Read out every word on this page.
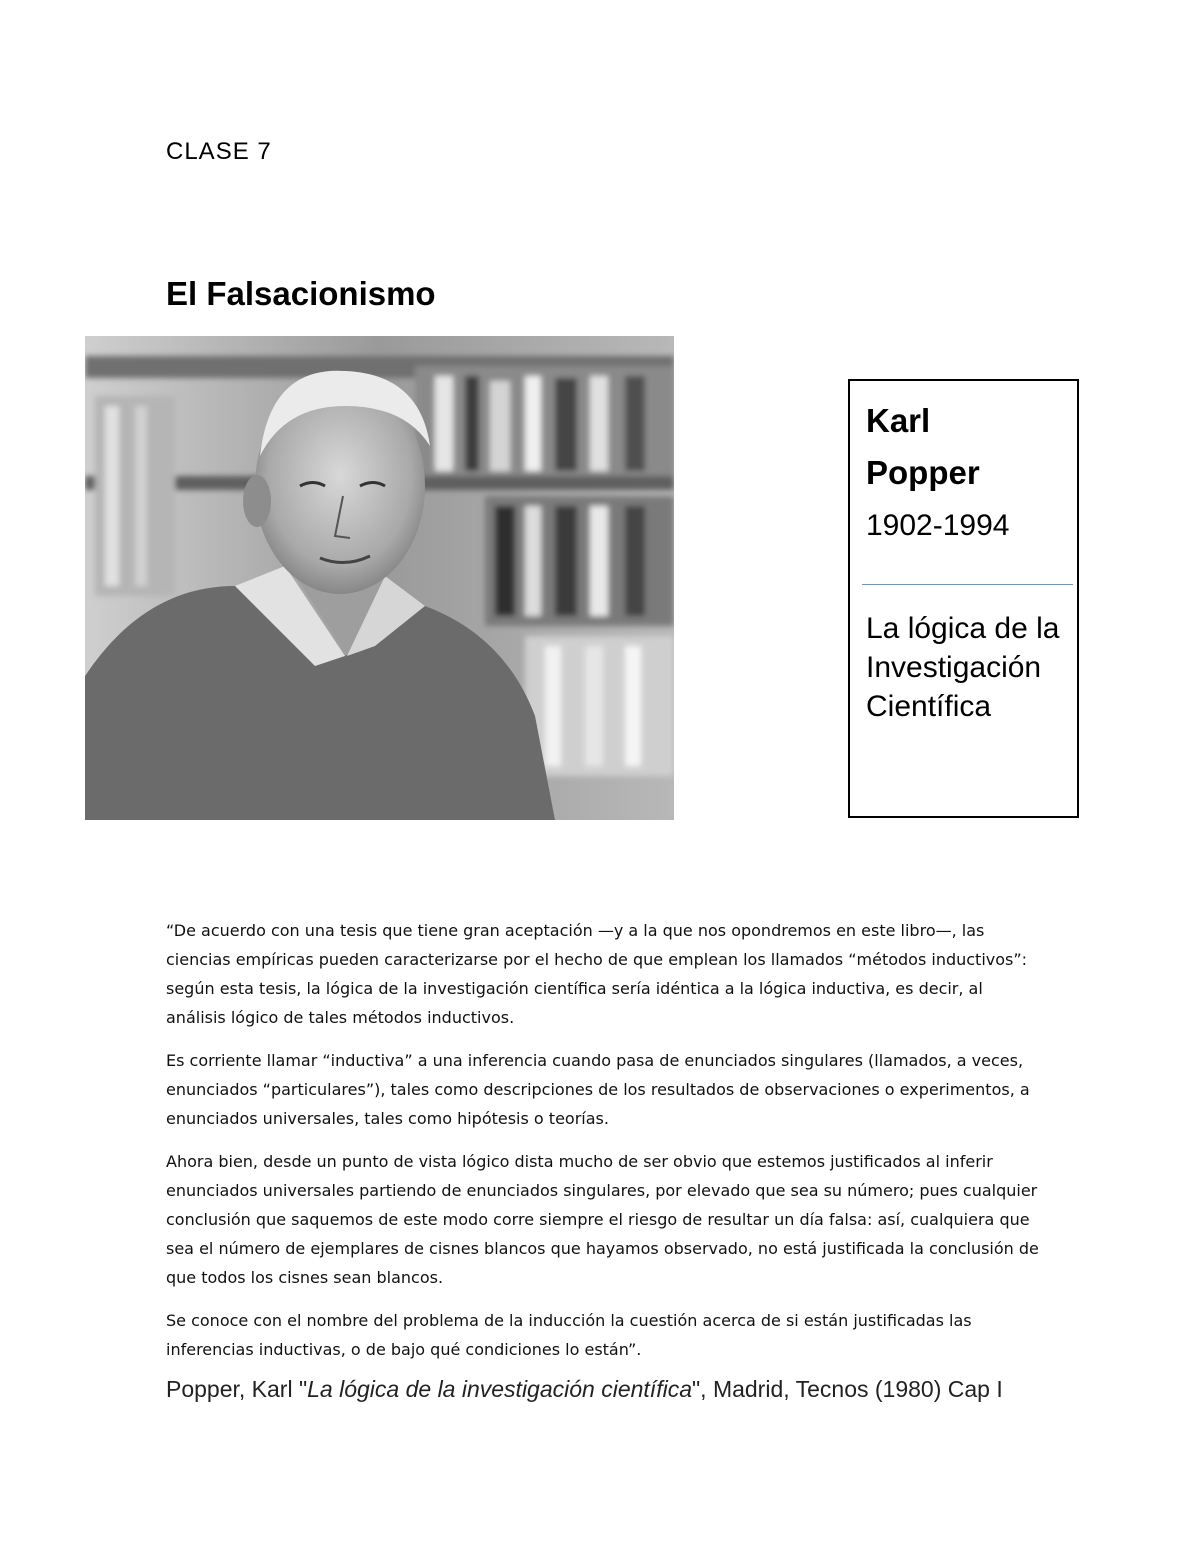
CLASE 7
El Falsacionismo
Karl
Popper
1902-1994
La lógica de la
Investigación
Científica

“De acuerdo con una tesis que tiene gran aceptación —y a la que nos opondremos en este libro—, las ciencias empíricas pueden caracterizarse por el hecho de que emplean los llamados “métodos inductivos”: según esta tesis, la lógica de la investigación científica sería idéntica a la lógica inductiva, es decir, al análisis lógico de tales métodos inductivos.

Es corriente llamar “inductiva” a una inferencia cuando pasa de enunciados singulares (llamados, a veces, enunciados “particulares”), tales como descripciones de los resultados de observaciones o experimentos, a enunciados universales, tales como hipótesis o teorías.

Ahora bien, desde un punto de vista lógico dista mucho de ser obvio que estemos justificados al inferir enunciados universales partiendo de enunciados singulares, por elevado que sea su número; pues cualquier conclusión que saquemos de este modo corre siempre el riesgo de resultar un día falsa: así, cualquiera que sea el número de ejemplares de cisnes blancos que hayamos observado, no está justificada la conclusión de que todos los cisnes sean blancos.

Se conoce con el nombre del problema de la inducción la cuestión acerca de si están justificadas las inferencias inductivas, o de bajo qué condiciones lo están”.

Popper, Karl "La lógica de la investigación científica", Madrid, Tecnos (1980) Cap I
